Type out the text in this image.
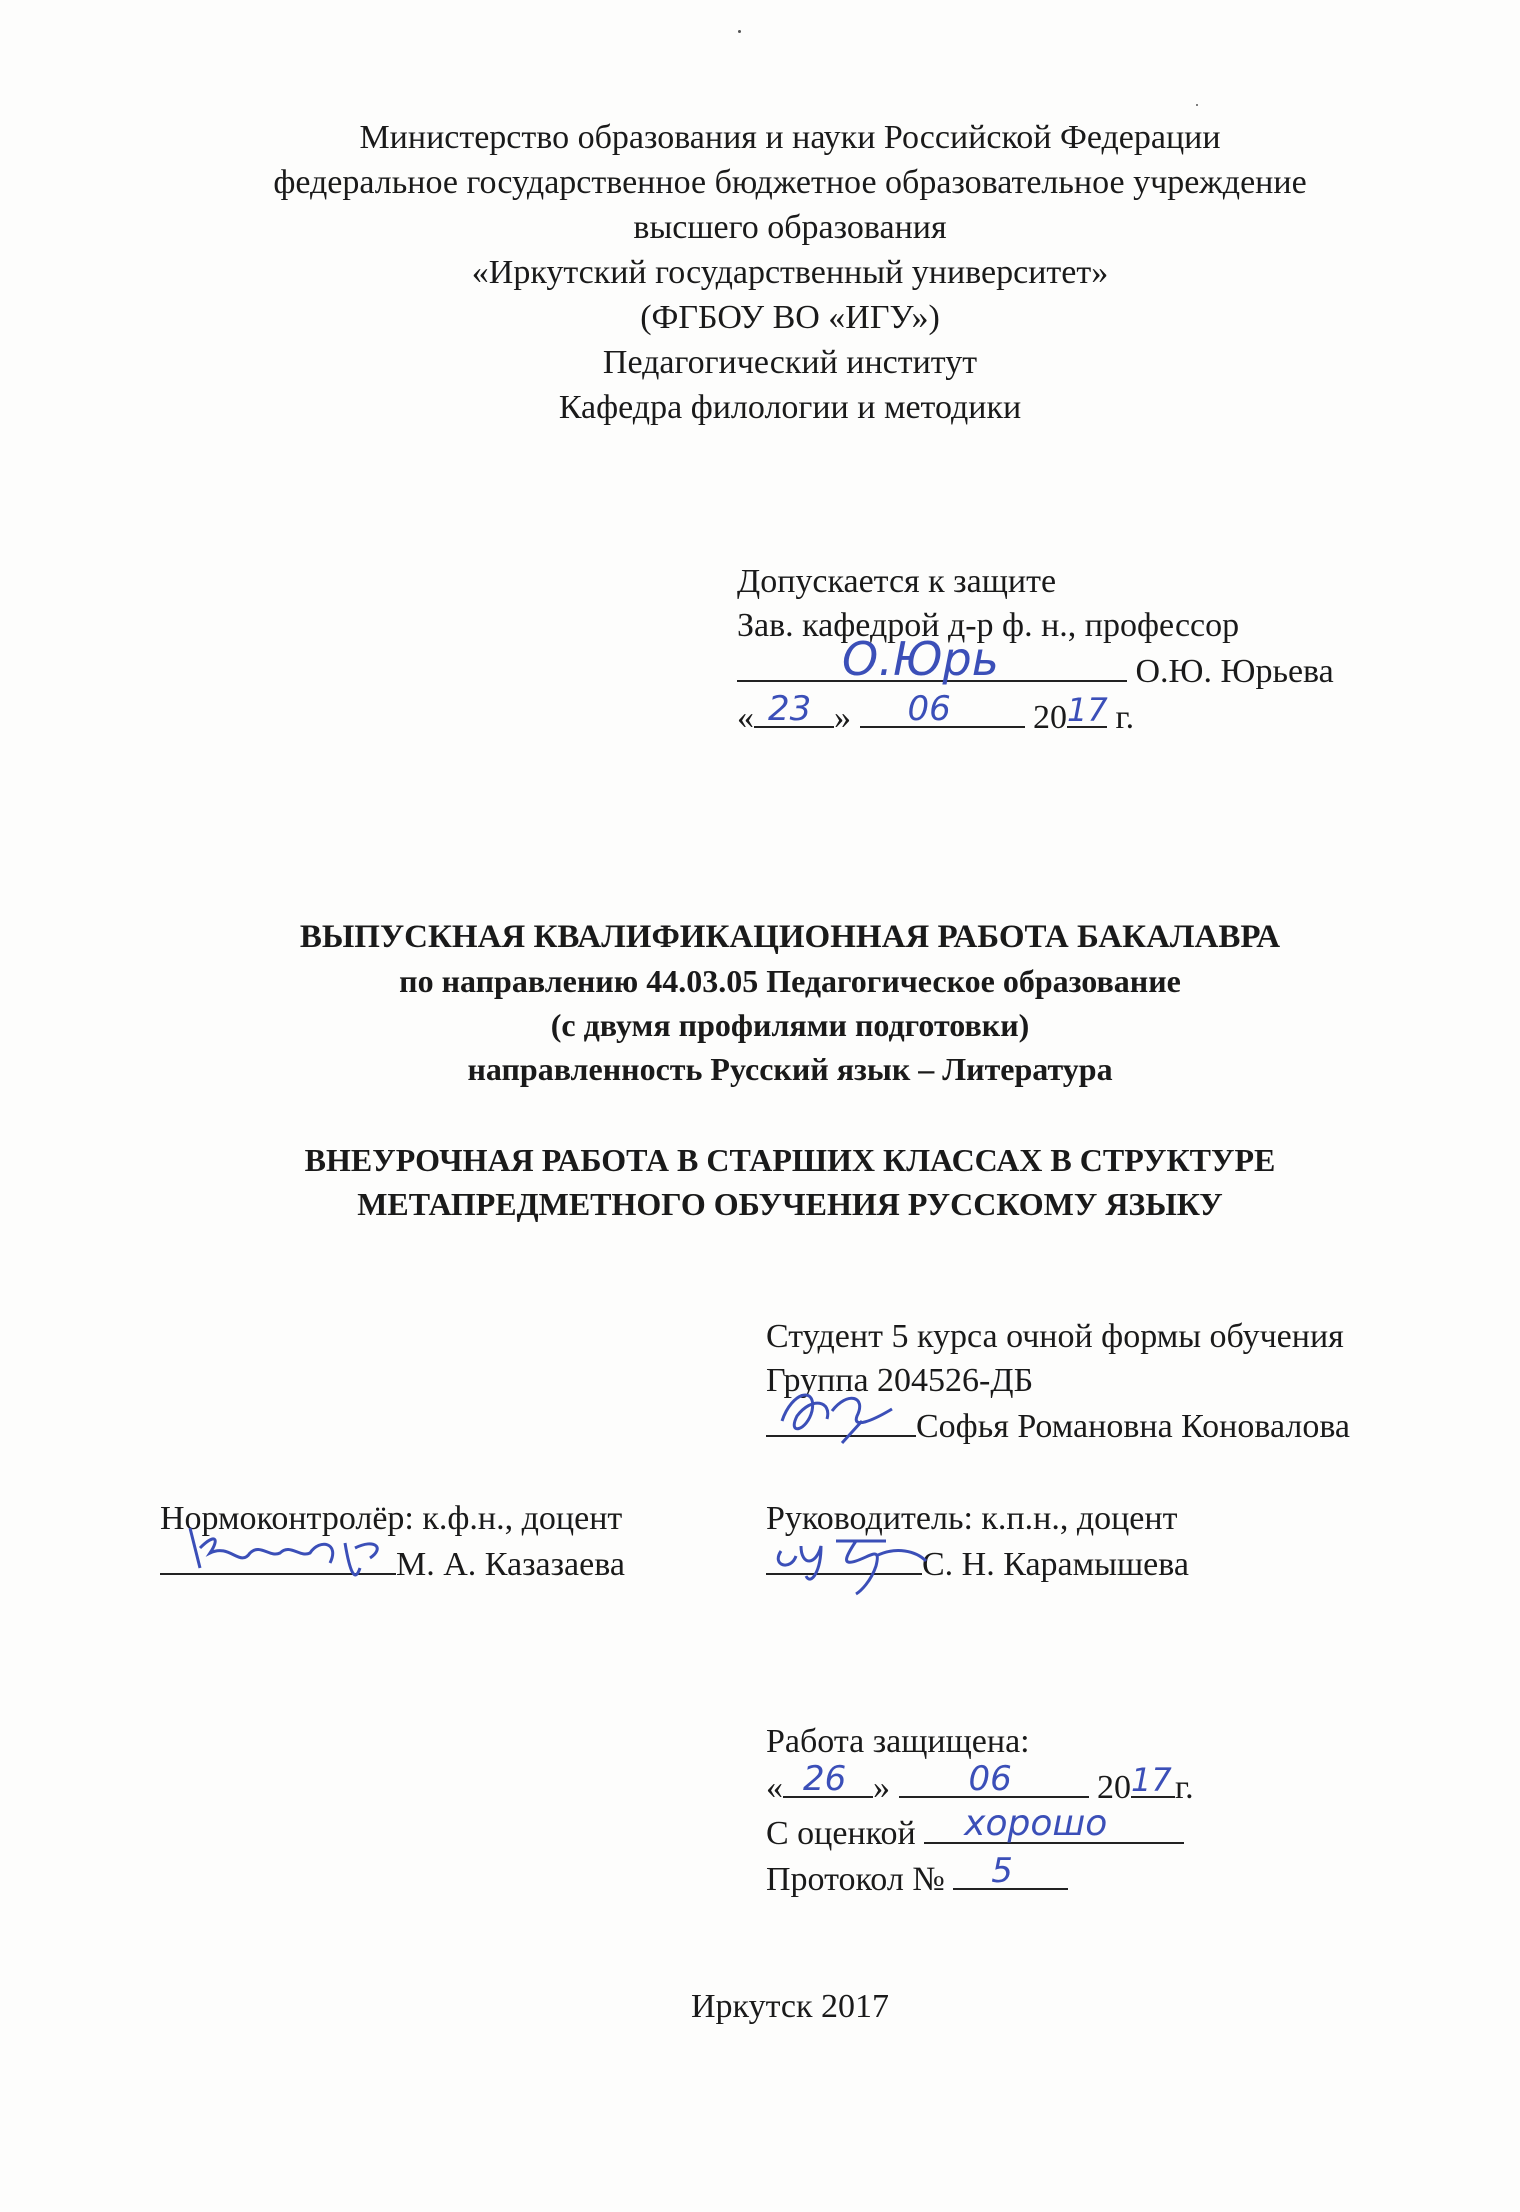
Министерство образования и науки Российской Федерации
федеральное государственное бюджетное образовательное учреждение
высшего образования
«Иркутский государственный университет»
(ФГБОУ ВО «ИГУ»)
Педагогический институт
Кафедра филологии и методики
Допускается к защите
Зав. кафедрой д-р ф. н., профессор
О.Юрь	О.Ю. Юрьева
« 23 » 06 20 17 г.
ВЫПУСКНАЯ КВАЛИФИКАЦИОННАЯ РАБОТА БАКАЛАВРА
по направлению 44.03.05 Педагогическое образование
(с двумя профилями подготовки)
направленность Русский язык – Литература
ВНЕУРОЧНАЯ РАБОТА В СТАРШИХ КЛАССАХ В СТРУКТУРЕ
МЕТАПРЕДМЕТНОГО ОБУЧЕНИЯ РУССКОМУ ЯЗЫКУ
Студент 5 курса очной формы обучения
Группа 204526-ДБ
Софья Романовна Коновалова
Нормоконтролёр: к.ф.н., доцент
М. А. Казазаева
Руководитель: к.п.н., доцент
С. Н. Карамышева
Работа защищена:
« 26 » 06	20 17 г.
С оценкой хорошо
Протокол № 5
Иркутск 2017
